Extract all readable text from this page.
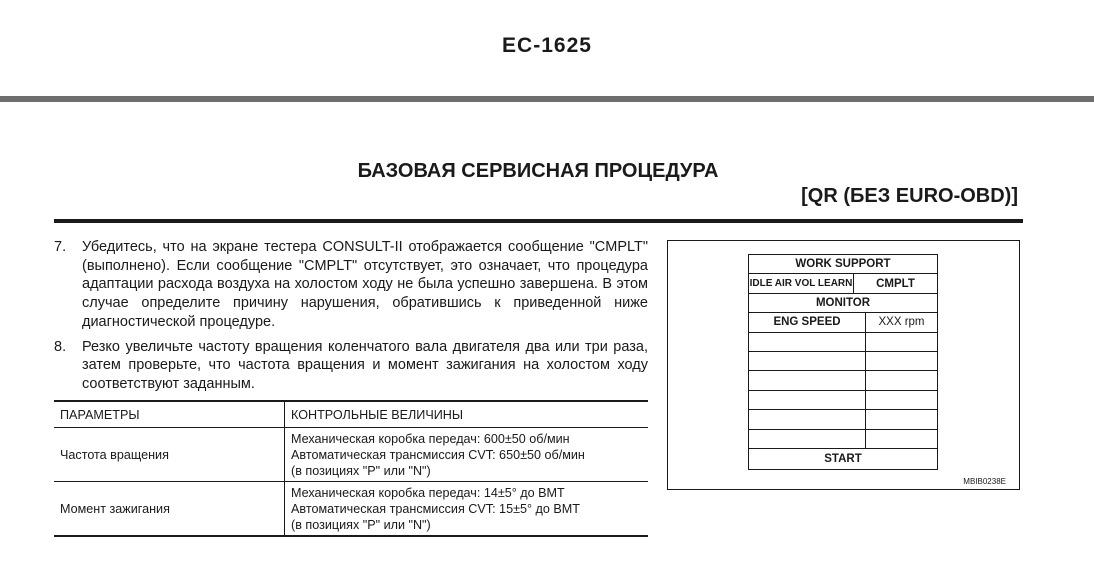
EC-1625
БАЗОВАЯ СЕРВИСНАЯ ПРОЦЕДУРА
[QR (БЕЗ EURO-OBD)]
7.	Убедитесь, что на экране тестера CONSULT-II отображается сообщение "CMPLT" (выполнено). Если сообщение "CMPLT" отсутствует, это означает, что процедура адаптации расхода воздуха на холостом ходу не была успешно завершена. В этом случае определите причину нарушения, обратившись к приведенной ниже диагностической процедуре.
8.	Резко увеличьте частоту вращения коленчатого вала двигателя два или три раза, затем проверьте, что частота вращения и момент зажигания на холостом ходу соответствуют заданным.
ПАРАМЕТРЫ	КОНТРОЛЬНЫЕ ВЕЛИЧИНЫ
Частота вращения	Механическая коробка передач: 600±50 об/мин
Автоматическая трансмиссия CVT: 650±50 об/мин
(в позициях "P" или "N")

Момент зажигания	Механическая коробка передач: 14±5° до ВМТ
Автоматическая трансмиссия CVT: 15±5° до ВМТ
(в позициях "P" или "N")
WORK SUPPORT
IDLE AIR VOL LEARN	CMPLT
MONITOR
ENG SPEED	XXX rpm
START
MBIB0238E
